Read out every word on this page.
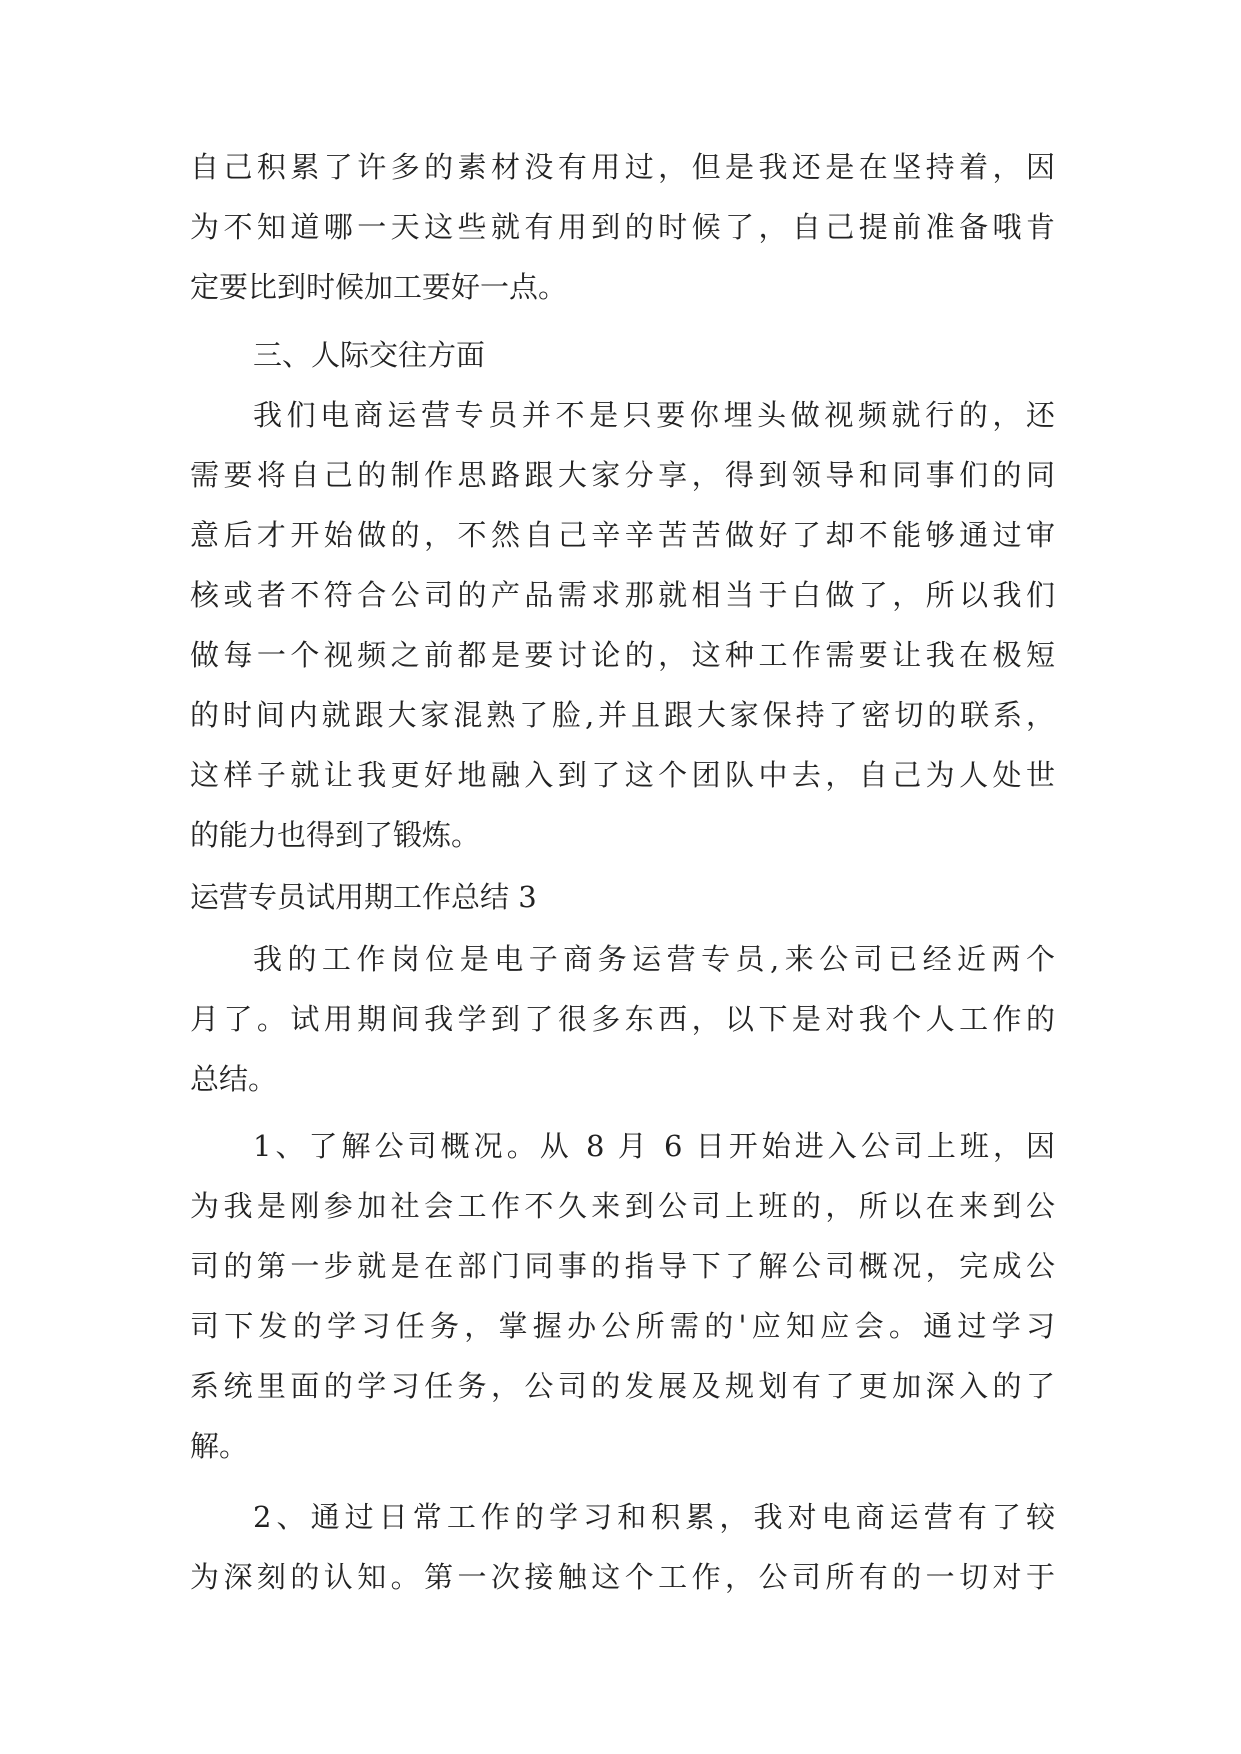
自己积累了许多的素材没有用过，但是我还是在坚持着，因
为不知道哪一天这些就有用到的时候了，自己提前准备哦肯
定要比到时候加工要好一点。
三、人际交往方面
我们电商运营专员并不是只要你埋头做视频就行的，还
需要将自己的制作思路跟大家分享，得到领导和同事们的同
意后才开始做的，不然自己辛辛苦苦做好了却不能够通过审
核或者不符合公司的产品需求那就相当于白做了，所以我们
做每一个视频之前都是要讨论的，这种工作需要让我在极短
的时间内就跟大家混熟了脸,并且跟大家保持了密切的联系，
这样子就让我更好地融入到了这个团队中去，自己为人处世
的能力也得到了锻炼。
运营专员试用期工作总结 3
我的工作岗位是电子商务运营专员,来公司已经近两个
月了。试用期间我学到了很多东西，以下是对我个人工作的
总结。
1、了解公司概况。从 8 月 6 日开始进入公司上班，因
为我是刚参加社会工作不久来到公司上班的，所以在来到公
司的第一步就是在部门同事的指导下了解公司概况，完成公
司下发的学习任务，掌握办公所需的'应知应会。通过学习
系统里面的学习任务，公司的发展及规划有了更加深入的了
解。
2、通过日常工作的学习和积累，我对电商运营有了较
为深刻的认知。第一次接触这个工作，公司所有的一切对于
